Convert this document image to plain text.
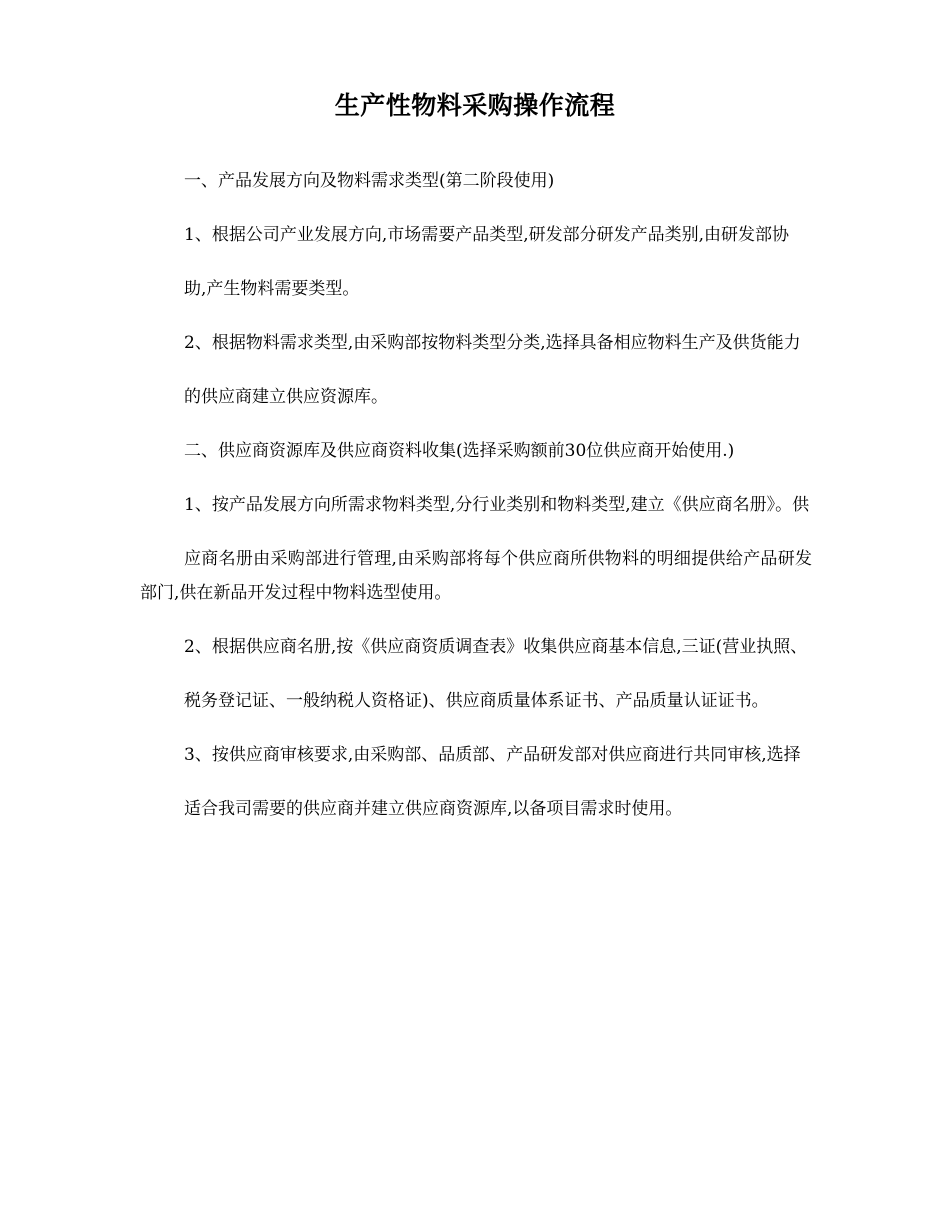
生产性物料采购操作流程

一、产品发展方向及物料需求类型(第二阶段使用)

1、根据公司产业发展方向,市场需要产品类型,研发部分研发产品类别,由研发部协

助,产生物料需要类型。

2、根据物料需求类型,由采购部按物料类型分类,选择具备相应物料生产及供货能力

的供应商建立供应资源库。

二、供应商资源库及供应商资料收集(选择采购额前30位供应商开始使用.)

1、按产品发展方向所需求物料类型,分行业类别和物料类型,建立《供应商名册》。供

应商名册由采购部进行管理,由采购部将每个供应商所供物料的明细提供给产品研发部门,供在新品开发过程中物料选型使用。

2、根据供应商名册,按《供应商资质调查表》收集供应商基本信息,三证(营业执照、

税务登记证、一般纳税人资格证)、供应商质量体系证书、产品质量认证证书。

3、按供应商审核要求,由采购部、品质部、产品研发部对供应商进行共同审核,选择

适合我司需要的供应商并建立供应商资源库,以备项目需求时使用。
